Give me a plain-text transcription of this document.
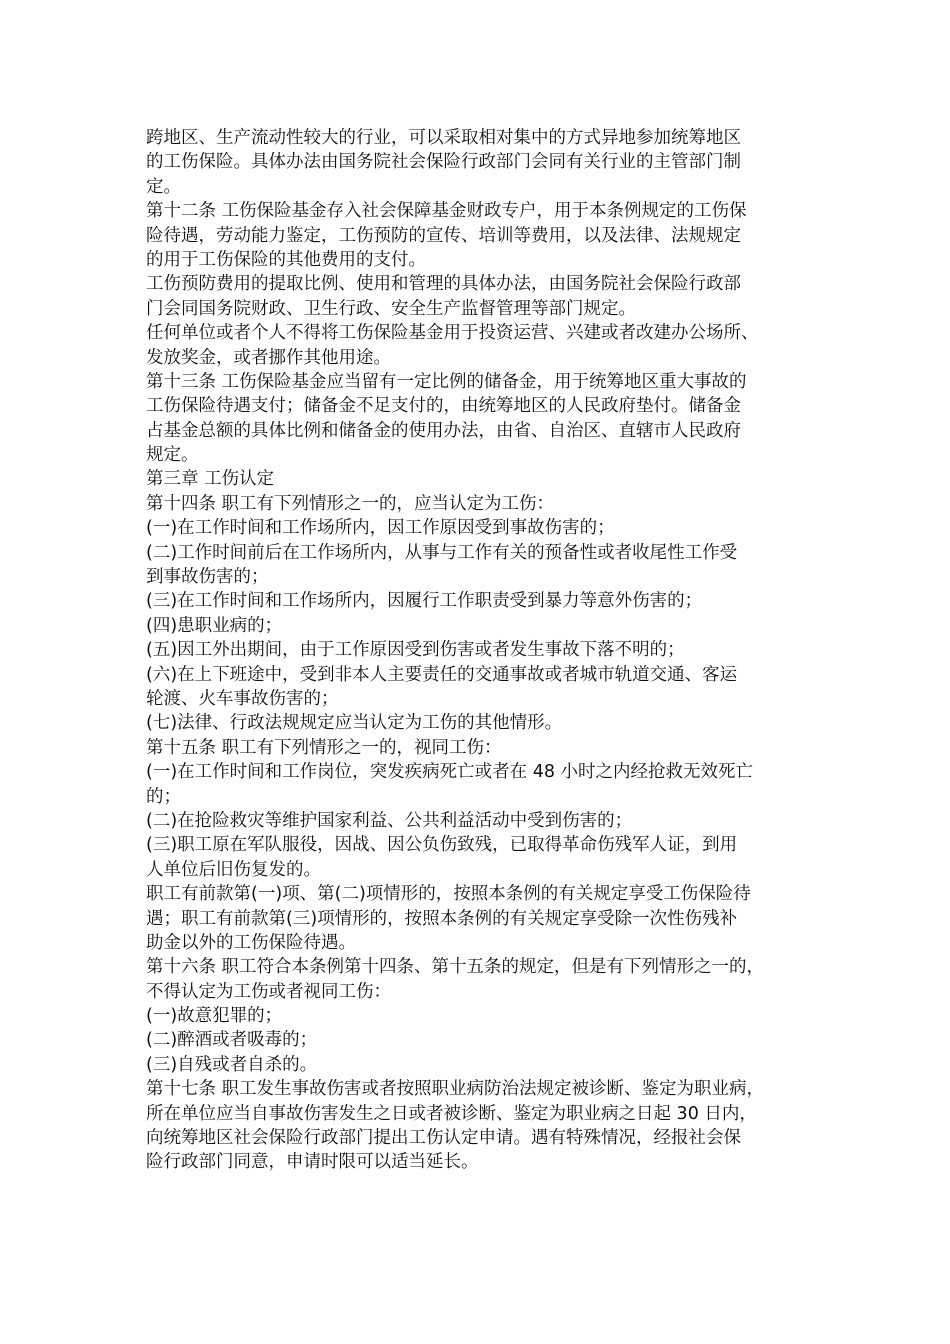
跨地区、生产流动性较大的行业，可以采取相对集中的方式异地参加统筹地区
的工伤保险。具体办法由国务院社会保险行政部门会同有关行业的主管部门制
定。
第十二条 工伤保险基金存入社会保障基金财政专户，用于本条例规定的工伤保
险待遇，劳动能力鉴定，工伤预防的宣传、培训等费用，以及法律、法规规定
的用于工伤保险的其他费用的支付。
工伤预防费用的提取比例、使用和管理的具体办法，由国务院社会保险行政部
门会同国务院财政、卫生行政、安全生产监督管理等部门规定。
任何单位或者个人不得将工伤保险基金用于投资运营、兴建或者改建办公场所、
发放奖金，或者挪作其他用途。
第十三条 工伤保险基金应当留有一定比例的储备金，用于统筹地区重大事故的
工伤保险待遇支付；储备金不足支付的，由统筹地区的人民政府垫付。储备金
占基金总额的具体比例和储备金的使用办法，由省、自治区、直辖市人民政府
规定。
第三章 工伤认定
第十四条 职工有下列情形之一的，应当认定为工伤：
(一)在工作时间和工作场所内，因工作原因受到事故伤害的；
(二)工作时间前后在工作场所内，从事与工作有关的预备性或者收尾性工作受
到事故伤害的；
(三)在工作时间和工作场所内，因履行工作职责受到暴力等意外伤害的；
(四)患职业病的；
(五)因工外出期间，由于工作原因受到伤害或者发生事故下落不明的；
(六)在上下班途中，受到非本人主要责任的交通事故或者城市轨道交通、客运
轮渡、火车事故伤害的；
(七)法律、行政法规规定应当认定为工伤的其他情形。
第十五条 职工有下列情形之一的，视同工伤：
(一)在工作时间和工作岗位，突发疾病死亡或者在 48 小时之内经抢救无效死亡
的；
(二)在抢险救灾等维护国家利益、公共利益活动中受到伤害的；
(三)职工原在军队服役，因战、因公负伤致残，已取得革命伤残军人证，到用
人单位后旧伤复发的。
职工有前款第(一)项、第(二)项情形的，按照本条例的有关规定享受工伤保险待
遇；职工有前款第(三)项情形的，按照本条例的有关规定享受除一次性伤残补
助金以外的工伤保险待遇。
第十六条 职工符合本条例第十四条、第十五条的规定，但是有下列情形之一的，
不得认定为工伤或者视同工伤：
(一)故意犯罪的；
(二)醉酒或者吸毒的；
(三)自残或者自杀的。
第十七条 职工发生事故伤害或者按照职业病防治法规定被诊断、鉴定为职业病，
所在单位应当自事故伤害发生之日或者被诊断、鉴定为职业病之日起 30 日内，
向统筹地区社会保险行政部门提出工伤认定申请。遇有特殊情况，经报社会保
险行政部门同意，申请时限可以适当延长。
